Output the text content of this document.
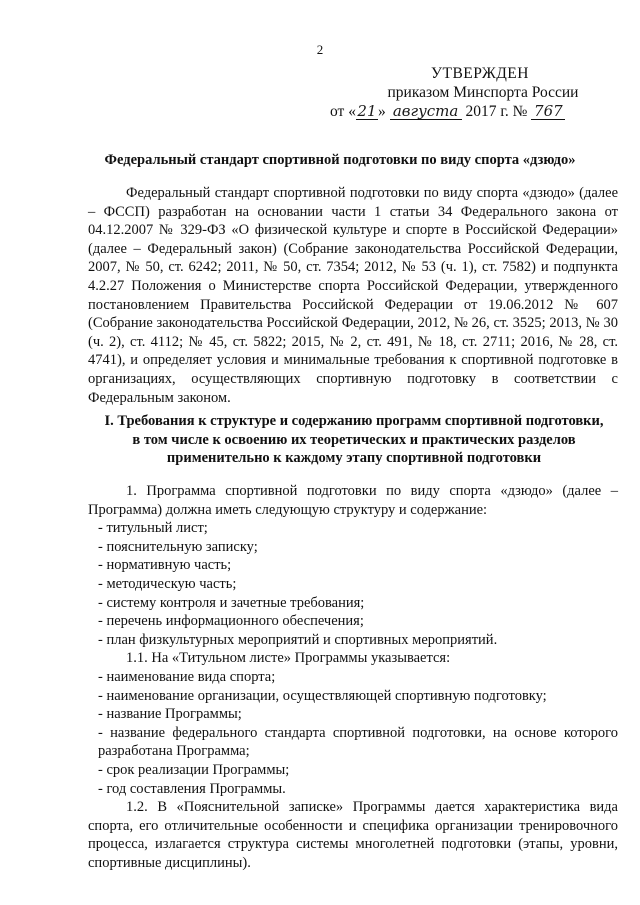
2
УТВЕРЖДЕН
приказом Минспорта России
от «21» августа 2017 г. № 767
Федеральный стандарт спортивной подготовки по виду спорта «дзюдо»

Федеральный стандарт спортивной подготовки по виду спорта «дзюдо» (далее – ФССП) разработан на основании части 1 статьи 34 Федерального закона от 04.12.2007 № 329-ФЗ «О физической культуре и спорте в Российской Федерации» (далее – Федеральный закон) (Собрание законодательства Российской Федерации, 2007, № 50, ст. 6242; 2011, № 50, ст. 7354; 2012, № 53 (ч. 1), ст. 7582) и подпункта 4.2.27 Положения о Министерстве спорта Российской Федерации, утвержденного постановлением Правительства Российской Федерации от 19.06.2012 № 607 (Собрание законодательства Российской Федерации, 2012, № 26, ст. 3525; 2013, № 30 (ч. 2), ст. 4112; № 45, ст. 5822; 2015, № 2, ст. 491, № 18, ст. 2711; 2016, № 28, ст. 4741), и определяет условия и минимальные требования к спортивной подготовке в организациях, осуществляющих спортивную подготовку в соответствии с Федеральным законом.

I. Требования к структуре и содержанию программ спортивной подготовки,
в том числе к освоению их теоретических и практических разделов
применительно к каждому этапу спортивной подготовки

1. Программа спортивной подготовки по виду спорта «дзюдо» (далее – Программа) должна иметь следующую структуру и содержание:

- титульный лист;

- пояснительную записку;

- нормативную часть;

- методическую часть;

- систему контроля и зачетные требования;

- перечень информационного обеспечения;

- план физкультурных мероприятий и спортивных мероприятий.

1.1. На «Титульном листе» Программы указывается:

- наименование вида спорта;

- наименование организации, осуществляющей спортивную подготовку;

- название Программы;

- название федерального стандарта спортивной подготовки, на основе которого разработана Программа;

- срок реализации Программы;

- год составления Программы.

1.2. В «Пояснительной записке» Программы дается характеристика вида спорта, его отличительные особенности и специфика организации тренировочного процесса, излагается структура системы многолетней подготовки (этапы, уровни, спортивные дисциплины).
